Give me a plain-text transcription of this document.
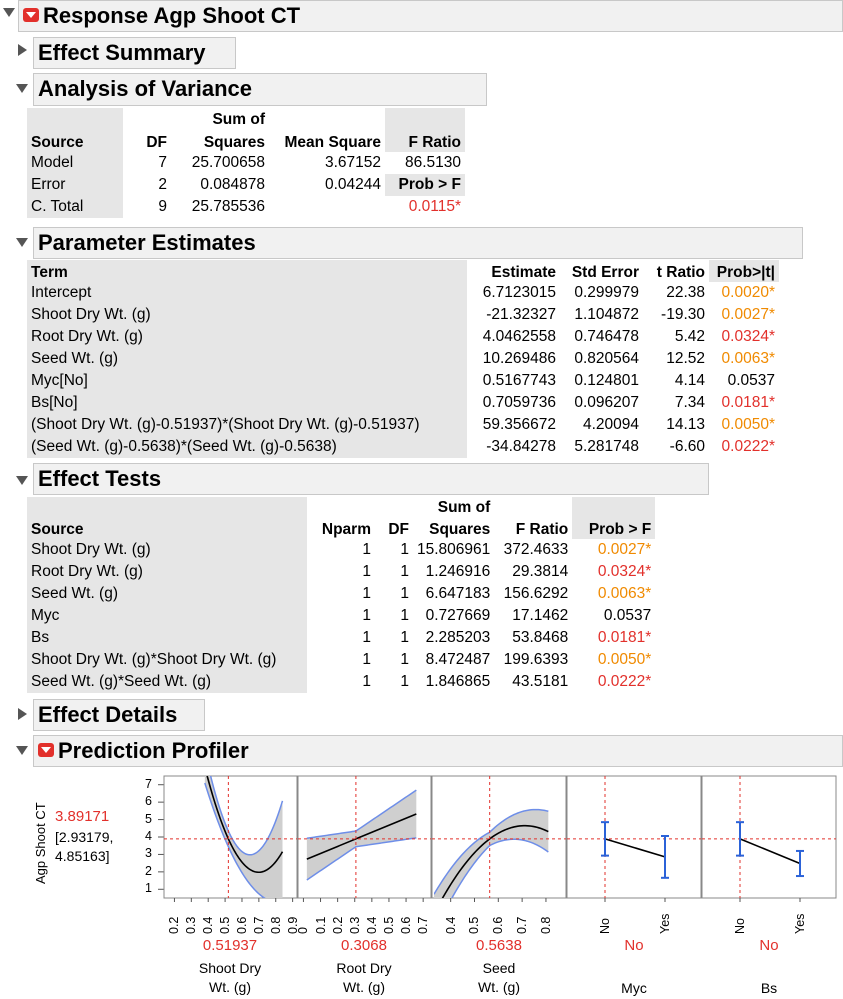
Response Agp Shoot CT
Effect Summary
Analysis of Variance
Source	DF	Sum of	Mean Square	F Ratio
		Squares		
Model	7	25.700658	3.67152	86.5130
Error	2	0.084878	0.04244	Prob > F
C. Total	9	25.785536		0.0115*
Parameter Estimates
Term	Estimate	Std Error	t Ratio	Prob>|t|
Intercept	6.7123015	0.299979	22.38	0.0020*
Shoot Dry Wt. (g)	-21.32327	1.104872	-19.30	0.0027*
Root Dry Wt. (g)	4.0462558	0.746478	5.42	0.0324*
Seed Wt. (g)	10.269486	0.820564	12.52	0.0063*
Myc[No]	0.5167743	0.124801	4.14	0.0537
Bs[No]	0.7059736	0.096207	7.34	0.0181*
(Shoot Dry Wt. (g)-0.51937)*(Shoot Dry Wt. (g)-0.51937)	59.356672	4.20094	14.13	0.0050*
(Seed Wt. (g)-0.5638)*(Seed Wt. (g)-0.5638)	-34.84278	5.281748	-6.60	0.0222*
Effect Tests
Source	Nparm	DF	Sum of	F Ratio	Prob > F
			Squares		
Shoot Dry Wt. (g)	1	1	15.806961	372.4633	0.0027*
Root Dry Wt. (g)	1	1	1.246916	29.3814	0.0324*
Seed Wt. (g)	1	1	6.647183	156.6292	0.0063*
Myc	1	1	0.727669	17.1462	0.0537
Bs	1	1	2.285203	53.8468	0.0181*
Shoot Dry Wt. (g)*Shoot Dry Wt. (g)	1	1	8.472487	199.6393	0.0050*
Seed Wt. (g)*Seed Wt. (g)	1	1	1.846865	43.5181	0.0222*
Effect Details
Prediction Profiler
Agp Shoot CT 3.89171
[2.93179,
4.85163]
1
2
3
4
5
6
7
0.2 0.3 0.4 0.5 0.6 0.7 0.8 0.9
0 0.1 0.2 0.3 0.4 0.5 0.6 0.7 0.4 0.5 0.6 0.7 0.8	No	Yes	No	Yes
0.51937
Shoot Dry
Wt. (g)
0.3068
Root Dry
Wt. (g)
0.5638
Seed
Wt. (g)
No
Myc
No
Bs
